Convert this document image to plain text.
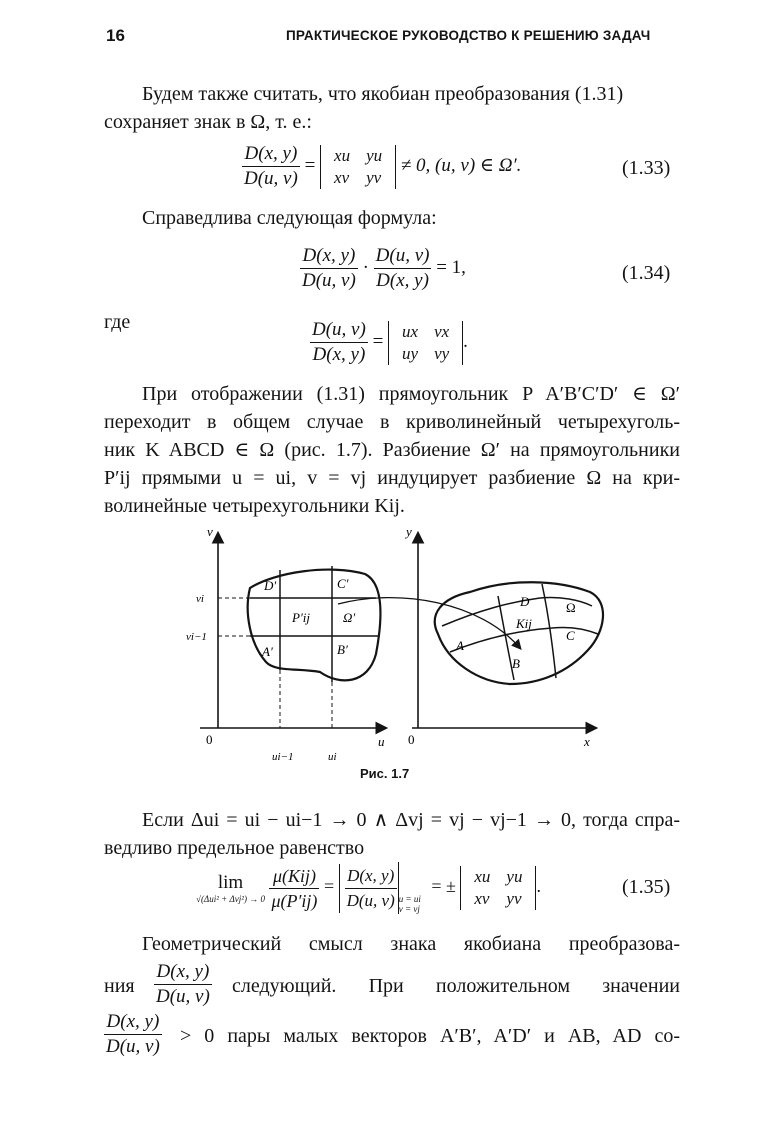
16	ПРАКТИЧЕСКОЕ РУКОВОДСТВО К РЕШЕНИЮ ЗАДАЧ
Будем также считать, что якобиан преобразования (1.31)
сохраняет знак в Ω, т. е.:
$\frac{D(x, y)}{D(u, v)}$ = xu	yu
xv	yv
≠ 0, (u, v) ∈ Ω′.	(1.33)
Справедлива следующая формула:
$\frac{D(x, y)}{D(u, v)} \cdot \frac{D(u, v)}{D(x, y)} = 1$,	(1.34)
где	$\frac{D(u, v)}{D(x, y)}$ = ux	vx
uy	vy
.
При отображении (1.31) прямоугольник P A′B′C′D′ ∈ Ω′
переходит в общем случае в криволинейный четырехуголь-
ник K ABCD ∈ Ω (рис. 1.7). Разбиение Ω′ на прямоугольники
P′ij прямыми u = ui, v = vj индуцирует разбиение Ω на кри-
волинейные четырехугольники Kij.
v
vi
vi−1
0
ui−1	ui
u
D′	C′
A′	B′
P′ij	Ω′
y
0	x
D	Ω
C
Kij
A
B
Рис. 1.7
Если Δui = ui − ui−1 → 0 ∧ Δvj = vj − vj−1 → 0, тогда спра-
ведливо предельное равенство
lim
√(Δui² + Δvj²) → 0
$\frac{\text{μ(Kij)}}{\mu(P'ij)} = \frac{D(x, y)}{D(u, v)}$ u = ui
v = vj
= ± xu	yu
xv	yv
.	(1.35)
Геометрический смысл знака якобиана преобразова-
ния $\frac{D(x, y)}{D(u, v)}$ следующий. При положительном значении
$\frac{D(x, y)}{D(u, v)} > 0$ пары малых векторов A′B′, A′D′ и AB, AD со-
